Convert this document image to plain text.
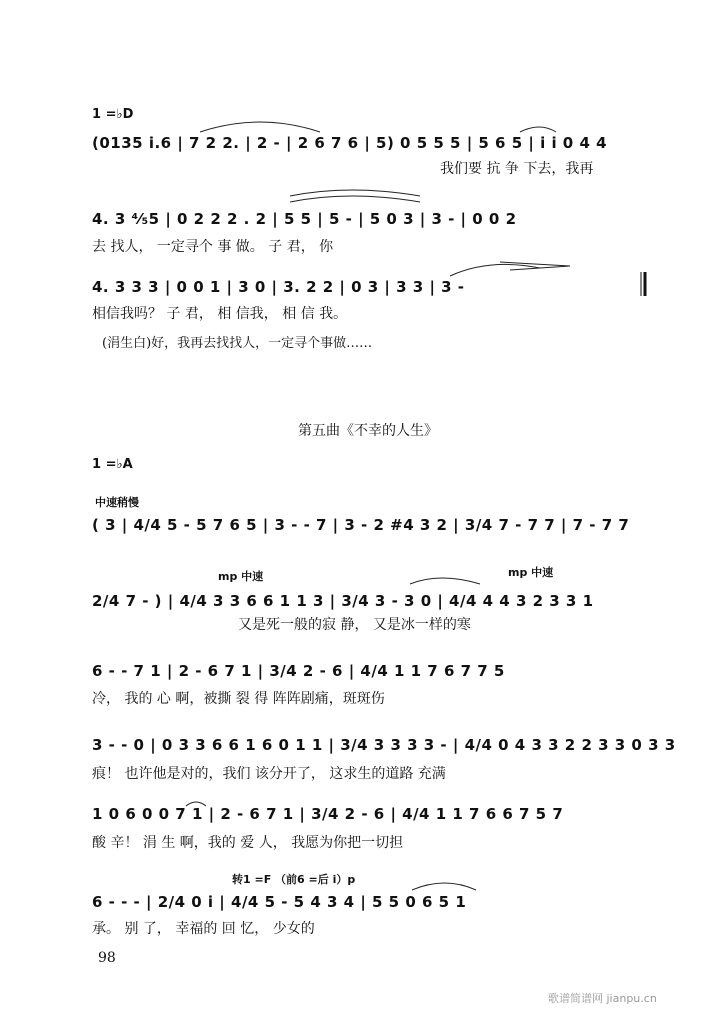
1 =♭D
(0135 i.6 | 7 2 2. | 2 - | 2 6 7 6 | 5) 0 5 5 5 | 5 6 5 | i i 0 4 4
我们要 抗 争 下去，我再
4. 3 ⁴⁄₅5 | 0 2 2 2 . 2 | 5 5 | 5 - | 5 0 3 | 3 - | 0 0 2
去 找人， 一定寻个 事 做。 子 君， 你
4. 3 3 3 | 0 0 1 | 3 0 | 3. 2 2 | 0 3 | 3 3 | 3 -
相信我吗？ 子 君， 相 信我， 相 信 我。
(涓生白)好，我再去找找人，一定寻个事做……
第五曲《不幸的人生》
1 =♭A
中速稍慢
( 3 | 4/4 5 - 5 7 6 5 | 3 - - 7 | 3 - 2 #4 3 2 | 3/4 7 - 7 7 | 7 - 7 7
mp 中速	mp 中速
2/4 7 - ) | 4/4 3 3 6 6 1 1 3 | 3/4 3 - 3 0 | 4/4 4 4 3 2 3 3 1
又是死一般的寂 静， 又是冰一样的寒
6 - - 7 1 | 2 - 6 7 1 | 3/4 2 - 6 | 4/4 1 1 7 6 7 7 5
冷， 我的 心 啊，被撕 裂 得 阵阵剧痛，斑斑伤
3 - - 0 | 0 3 3 6 6 1 6 0 1 1 | 3/4 3 3 3 3 - | 4/4 0 4 3 3 2 2 3 3 0 3 3
痕！ 也许他是对的，我们 该分开了， 这求生的道路 充满
1 0 6 0 0 7 1 | 2 - 6 7 1 | 3/4 2 - 6 | 4/4 1 1 7 6 6 7 5 7
酸 辛！ 涓 生 啊，我的 爱 人， 我愿为你把一切担
转1 =F （前6 =后 i）p
6 - - - | 2/4 0 i | 4/4 5 - 5 4 3 4 | 5 5 0 6 5 1
承。 别 了， 幸福的 回 忆， 少女的
98
歌谱简谱网 jianpu.cn
